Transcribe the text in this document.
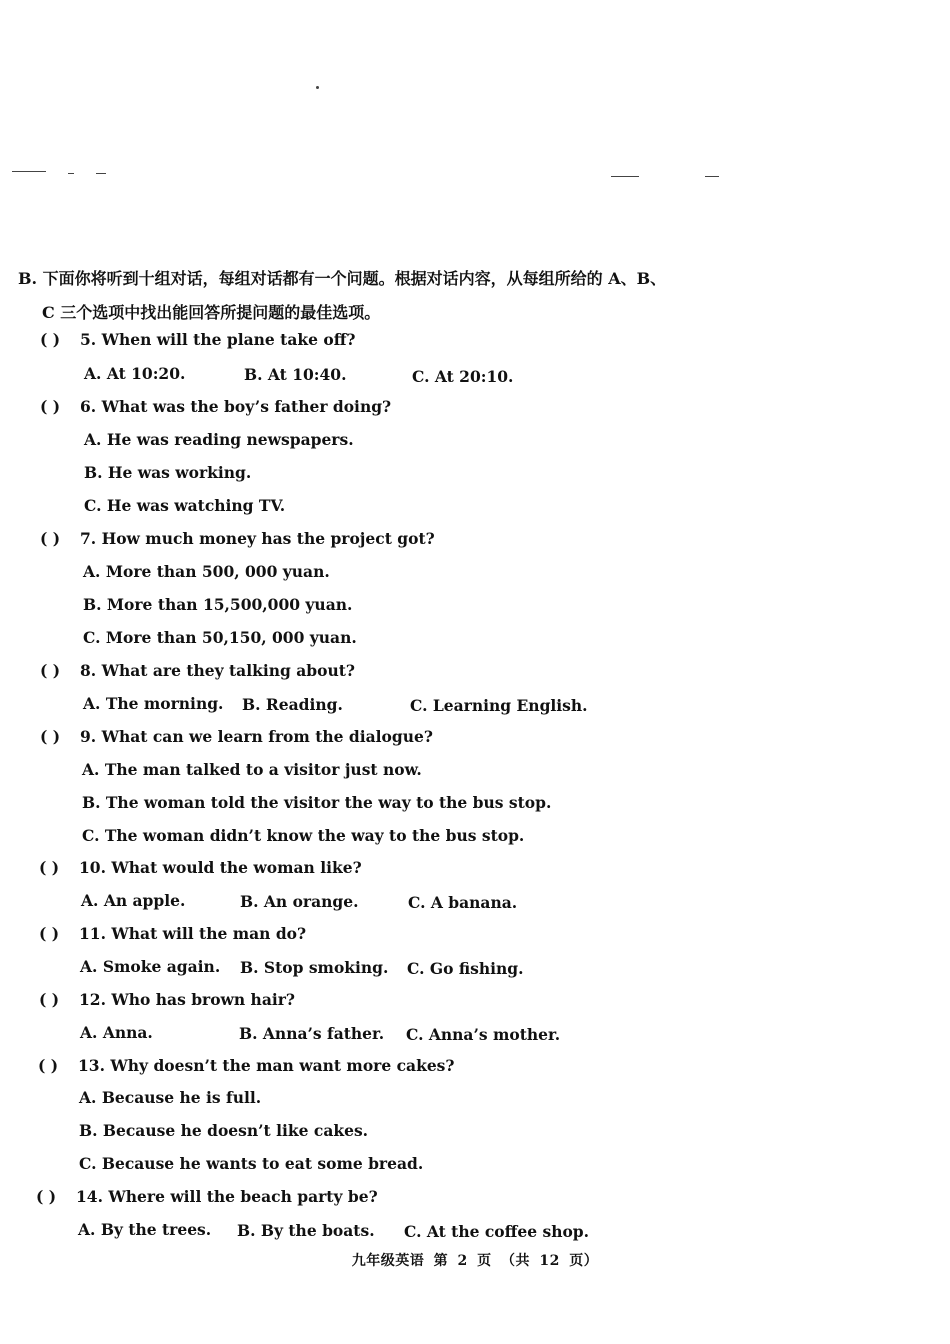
B. 下面你将听到十组对话，每组对话都有一个问题。根据对话内容，从每组所给的 A、B、
C 三个选项中找出能回答所提问题的最佳选项。
( ) 5. When will the plane take off?
A. At 10:20.	B. At 10:40.	C. At 20:10.
( ) 6. What was the boy’s father doing?
A. He was reading newspapers.
B. He was working.
C. He was watching TV.
( ) 7. How much money has the project got?
A. More than 500, 000 yuan.
B. More than 15,500,000 yuan.
C. More than 50,150, 000 yuan.
( ) 8. What are they talking about?
A. The morning. B. Reading.	C. Learning English.
( ) 9. What can we learn from the dialogue?
A. The man talked to a visitor just now.
B. The woman told the visitor the way to the bus stop.
C. The woman didn’t know the way to the bus stop.
( ) 10. What would the woman like?
A. An apple.	B. An orange.	C. A banana.
( ) 11. What will the man do?
A. Smoke again. B. Stop smoking. C. Go fishing.
( ) 12. Who has brown hair?
A. Anna.	B. Anna’s father. C. Anna’s mother.
( ) 13. Why doesn’t the man want more cakes?
A. Because he is full.
B. Because he doesn’t like cakes.
C. Because he wants to eat some bread.
( ) 14. Where will the beach party be?
A. By the trees. B. By the boats. C. At the coffee shop.
九年级英语 第 2 页 （共 12 页）
